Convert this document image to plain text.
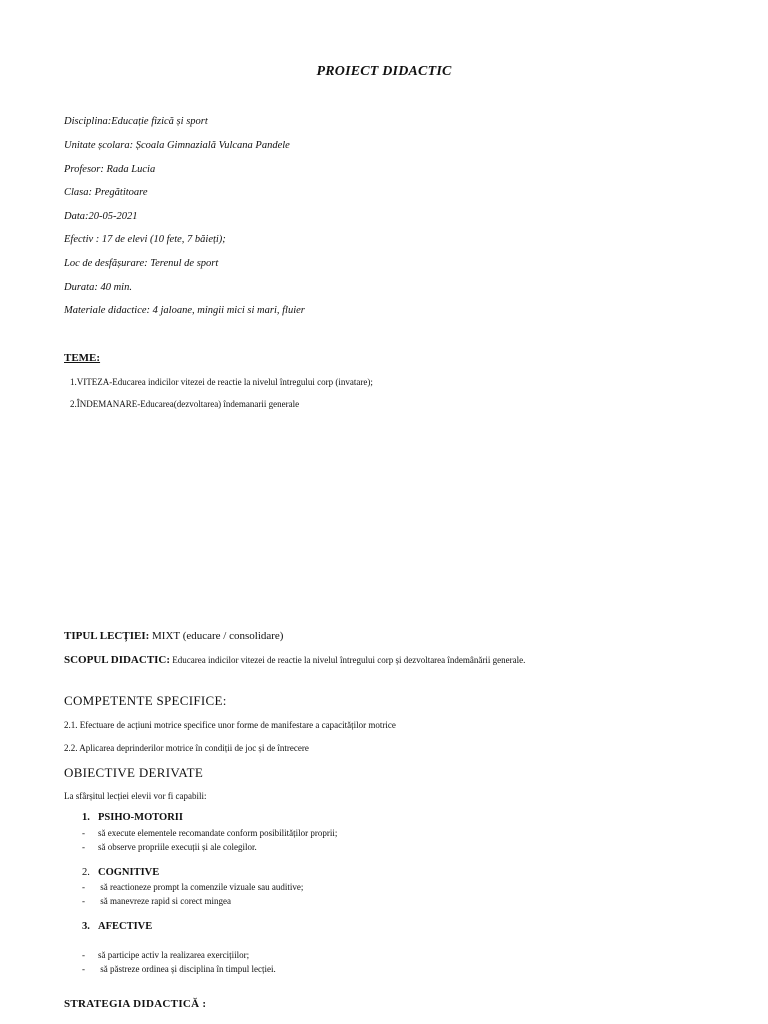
PROIECT DIDACTIC
Disciplina:Educație fizică și sport
Unitate școlara: Școala Gimnazială Vulcana Pandele
Profesor: Rada Lucia
Clasa: Pregătitoare
Data:20-05-2021
Efectiv : 17 de elevi (10 fete, 7 băieți);
Loc de desfășurare: Terenul de sport
Durata: 40 min.
Materiale didactice: 4 jaloane, mingii mici si mari, fluier
TEME:
1.VITEZA-Educarea indicilor vitezei de reactie la nivelul întregului corp (invatare);
2.ÎNDEMANARE-Educarea(dezvoltarea) îndemanarii generale
TIPUL LECȚIEI: MIXT (educare / consolidare)
SCOPUL DIDACTIC: Educarea indicilor vitezei de reactie la nivelul întregului corp și dezvoltarea îndemânării generale.
COMPETENTE SPECIFICE:
2.1. Efectuare de acțiuni motrice specifice unor forme de manifestare a capacităților motrice
2.2. Aplicarea deprinderilor motrice în condiții de joc și de întrecere
OBIECTIVE DERIVATE
La sfârșitul lecției elevii vor fi capabili:
1. PSIHO-MOTORII
- să execute elementele recomandate conform posibilităților proprii;
- să observe propriile execuții și ale colegilor.
2. COGNITIVE
- să reactioneze prompt la comenzile vizuale sau auditive;
- să manevreze rapid si corect mingea
3. AFECTIVE
- să participe activ la realizarea exercițiilor;
- să păstreze ordinea și disciplina în timpul lecției.
STRATEGIA DIDACTICĂ :
